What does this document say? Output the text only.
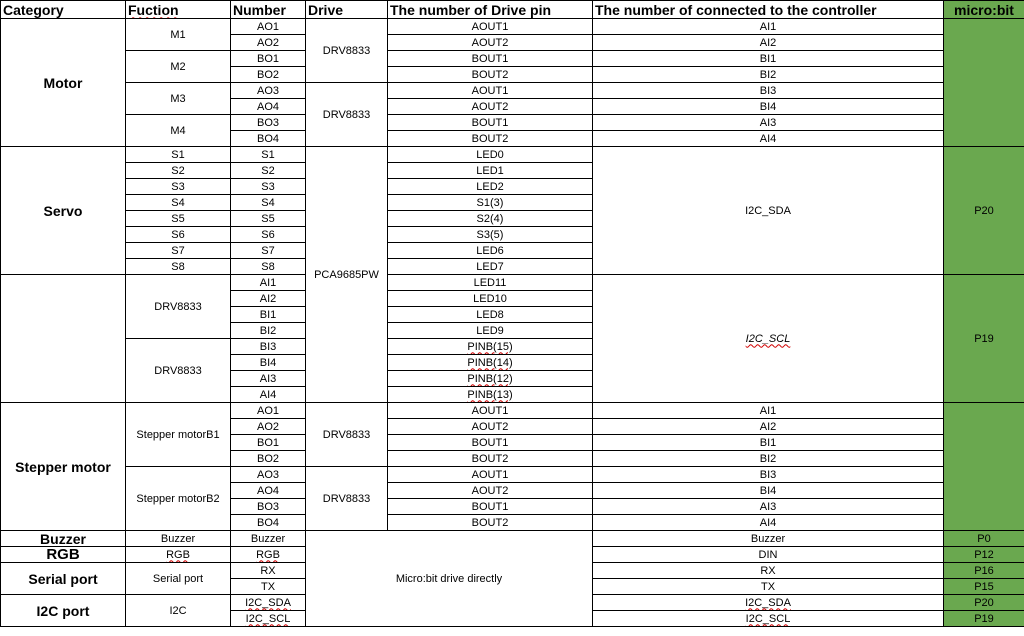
Category	Fuction	Number	Drive	The number of Drive pin	The number of connected to the controller	micro:bit
Motor	M1	AO1	DRV8833	AOUT1	AI1	
		AO2		AOUT2	AI2	
	M2	BO1		BOUT1	BI1	
		BO2		BOUT2	BI2	
	M3	AO3	DRV8833	AOUT1	BI3	
		AO4		AOUT2	BI4	
	M4	BO3		BOUT1	AI3	
		BO4		BOUT2	AI4	
Servo	S1	S1	PCA9685PW	LED0	I2C_SDA	P20
	S2	S2		LED1		
	S3	S3		LED2		
	S4	S4		S1(3)		
	S5	S5		S2(4)		
	S6	S6		S3(5)		
	S7	S7		LED6		
	S8	S8		LED7		
	DRV8833	AI1		LED11	I2C_SCL	P19
		AI2		LED10		
		BI1		LED8		
		BI2		LED9		
	DRV8833	BI3		PINB(15)		
		BI4		PINB(14)		
		AI3		PINB(12)		
		AI4		PINB(13)		
Stepper motor	Stepper motorB1	AO1	DRV8833	AOUT1	AI1	
		AO2		AOUT2	AI2	
		BO1		BOUT1	BI1	
		BO2		BOUT2	BI2	
	Stepper motorB2	AO3	DRV8833	AOUT1	BI3	
		AO4		AOUT2	BI4	
		BO3		BOUT1	AI3	
		BO4		BOUT2	AI4	
Buzzer	Buzzer	Buzzer	Micro:bit drive directly		Buzzer	P0
RGB	RGB	RGB			DIN	P12
Serial port	Serial port	RX			RX	P16
		TX			TX	P15
I2C port	I2C	I2C_SDA			I2C_SDA	P20
		I2C_SCL			I2C_SCL	P19
